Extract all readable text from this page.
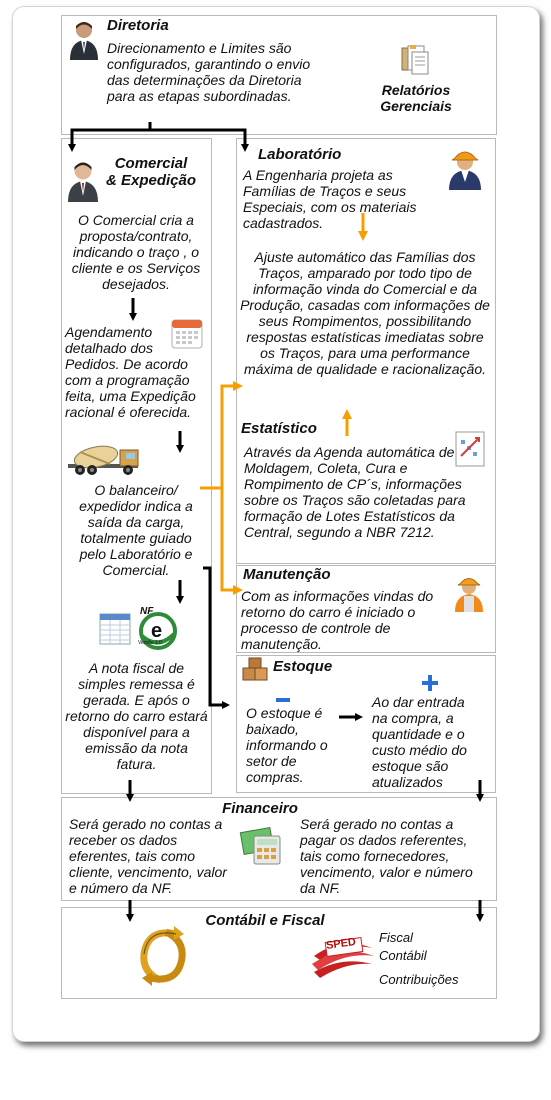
Diretoria
Direcionamento e Limites são configurados, garantindo o envio das determinações da Diretoria para as etapas subordinadas.	Relatórios
Gerenciais
Comercial
& Expedição
O Comercial cria a proposta/contrato, indicando o traço , o cliente e os Serviços desejados.
Agendamento detalhado dos Pedidos. De acordo com a programação feita, uma Expedição racional é oferecida.
O balanceiro/ expedidor indica a saída da carga, totalmente guiado pelo Laboratório e Comercial.
e
NF
Versão 2.0
A nota fiscal de simples remessa é gerada. E após o retorno do carro estará disponível para a emissão da nota fatura.
Laboratório
A Engenharia projeta as Famílias de Traços e seus Especiais, com os materiais cadastrados.
Ajuste automático das Famílias dos Traços, amparado por todo tipo de informação vinda do Comercial e da Produção, casadas com informações de seus Rompimentos, possibilitando respostas estatísticas imediatas sobre os Traços, para uma performance máxima de qualidade e racionalização.
Estatístico
Através da Agenda automática de Moldagem, Coleta, Cura e Rompimento de CP´s, informações sobre os Traços são coletadas para formação de Lotes Estatísticos da Central, segundo a NBR 7212.
Manutenção
Com as informações vindas do retorno do carro é iniciado o processo de controle de manutenção.
Estoque
O estoque é baixado, informando o setor de compras.
Ao dar entrada na compra, a quantidade e o custo médio do estoque são atualizados
Financeiro
Será gerado no contas a receber os dados eferentes, tais como cliente, vencimento, valor e número da NF.
Será gerado no contas a pagar os dados referentes, tais como fornecedores, vencimento, valor e número da NF.
Contábil e Fiscal
SPED Fiscal
Contábil
Contribuições
